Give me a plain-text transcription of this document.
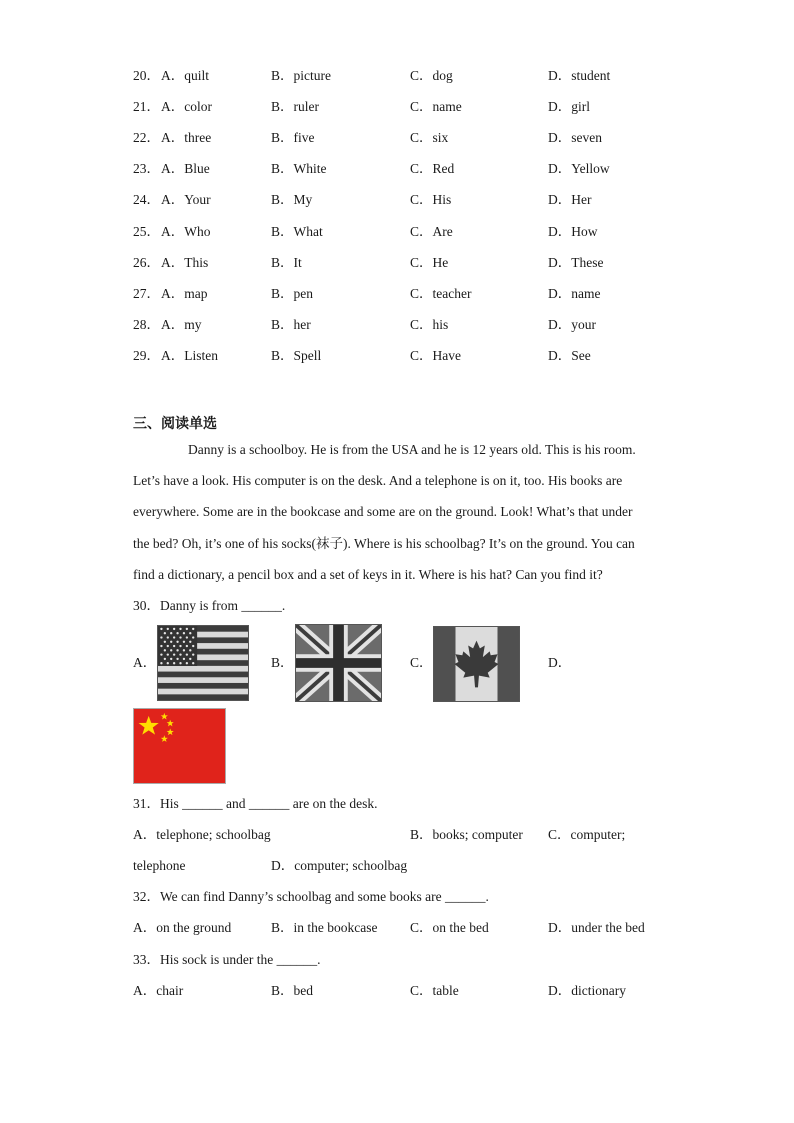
20． A．quilt	B．picture	C．dog	D．student
21． A．color	B．ruler	C．name	D．girl
22． A．three	B．five	C．six	D．seven
23． A．Blue	B．White	C．Red	D．Yellow
24． A．Your	B．My	C．His	D．Her
25． A．Who	B．What	C．Are	D．How
26． A．This	B．It	C．He	D．These
27． A．map	B．pen	C．teacher	D．name
28． A．my	B．her	C．his	D．your
29． A．Listen	B．Spell	C．Have	D．See
三、阅读单选
Danny is a schoolboy. He is from the USA and he is 12 years old. This is his room.
Let’s have a look. His computer is on the desk. And a telephone is on it, too. His books are
everywhere. Some are in the bookcase and some are on the ground. Look! What’s that under
the bed? Oh, it’s one of his socks(袜子). Where is his schoolbag? It’s on the ground. You can
find a dictionary, a pencil box and a set of keys in it. Where is his hat? Can you find it?
30．Danny is from ______.
A．	B．	C．	D．
31．His ______ and ______ are on the desk.
A．telephone; schoolbag	B．books; computer C．computer;
telephone	D．computer; schoolbag
32．We can find Danny’s schoolbag and some books are ______.
A．on the ground	B．in the bookcase C．on the bed	D．under the bed
33．His sock is under the ______.
A．chair	B．bed	C．table	D．dictionary
